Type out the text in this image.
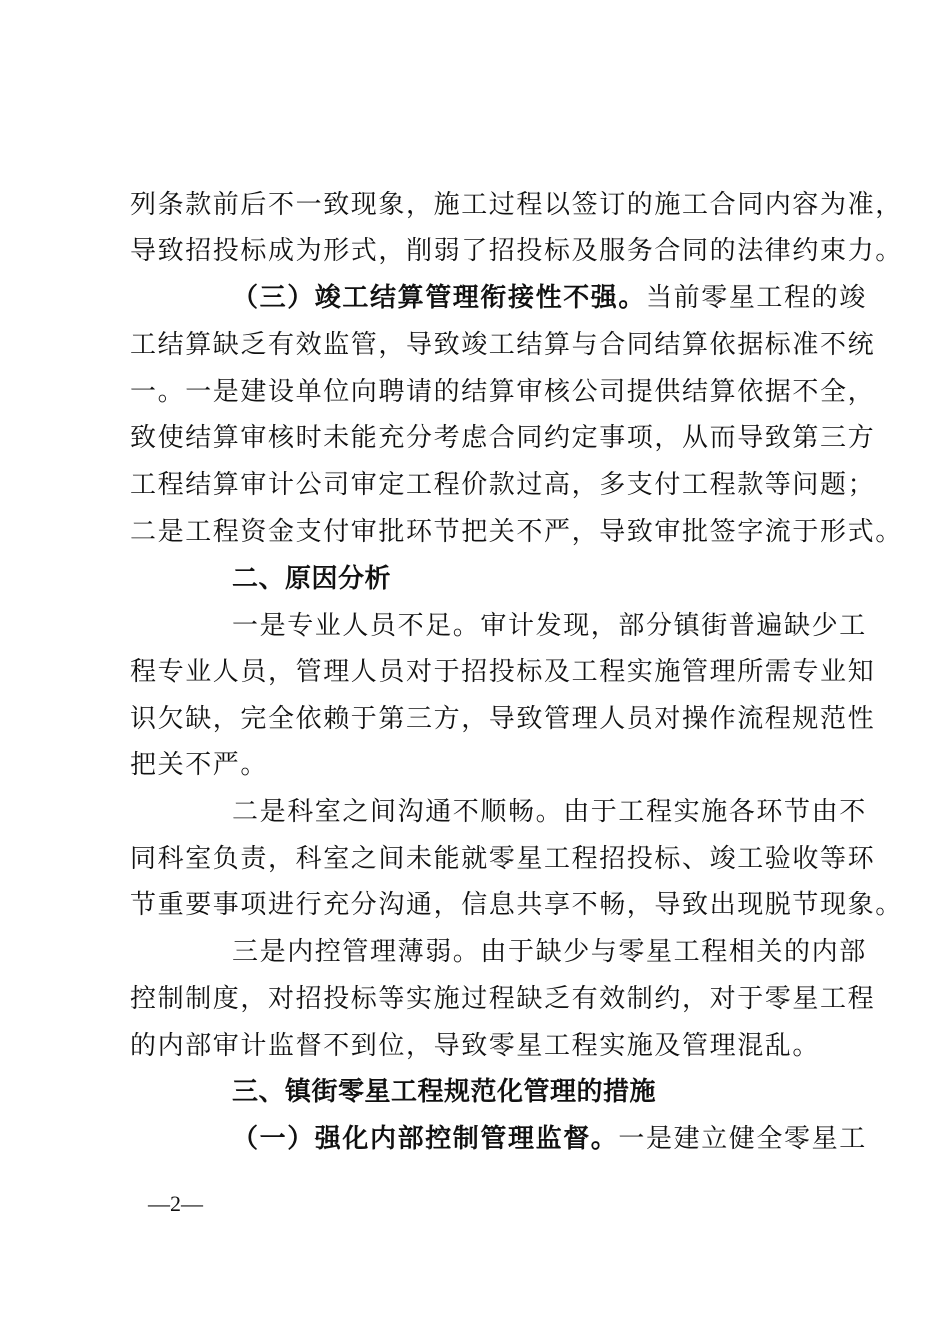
列条款前后不一致现象，施工过程以签订的施工合同内容为准，
导致招投标成为形式，削弱了招投标及服务合同的法律约束力。
（三）竣工结算管理衔接性不强。当前零星工程的竣
工结算缺乏有效监管，导致竣工结算与合同结算依据标准不统
一。一是建设单位向聘请的结算审核公司提供结算依据不全，
致使结算审核时未能充分考虑合同约定事项，从而导致第三方
工程结算审计公司审定工程价款过高，多支付工程款等问题；
二是工程资金支付审批环节把关不严，导致审批签字流于形式。
二、原因分析
一是专业人员不足。审计发现，部分镇街普遍缺少工
程专业人员，管理人员对于招投标及工程实施管理所需专业知
识欠缺，完全依赖于第三方，导致管理人员对操作流程规范性
把关不严。
二是科室之间沟通不顺畅。由于工程实施各环节由不
同科室负责，科室之间未能就零星工程招投标、竣工验收等环
节重要事项进行充分沟通，信息共享不畅，导致出现脱节现象。
三是内控管理薄弱。由于缺少与零星工程相关的内部
控制制度，对招投标等实施过程缺乏有效制约，对于零星工程
的内部审计监督不到位，导致零星工程实施及管理混乱。
三、镇街零星工程规范化管理的措施
（一）强化内部控制管理监督。一是建立健全零星工
—2—
